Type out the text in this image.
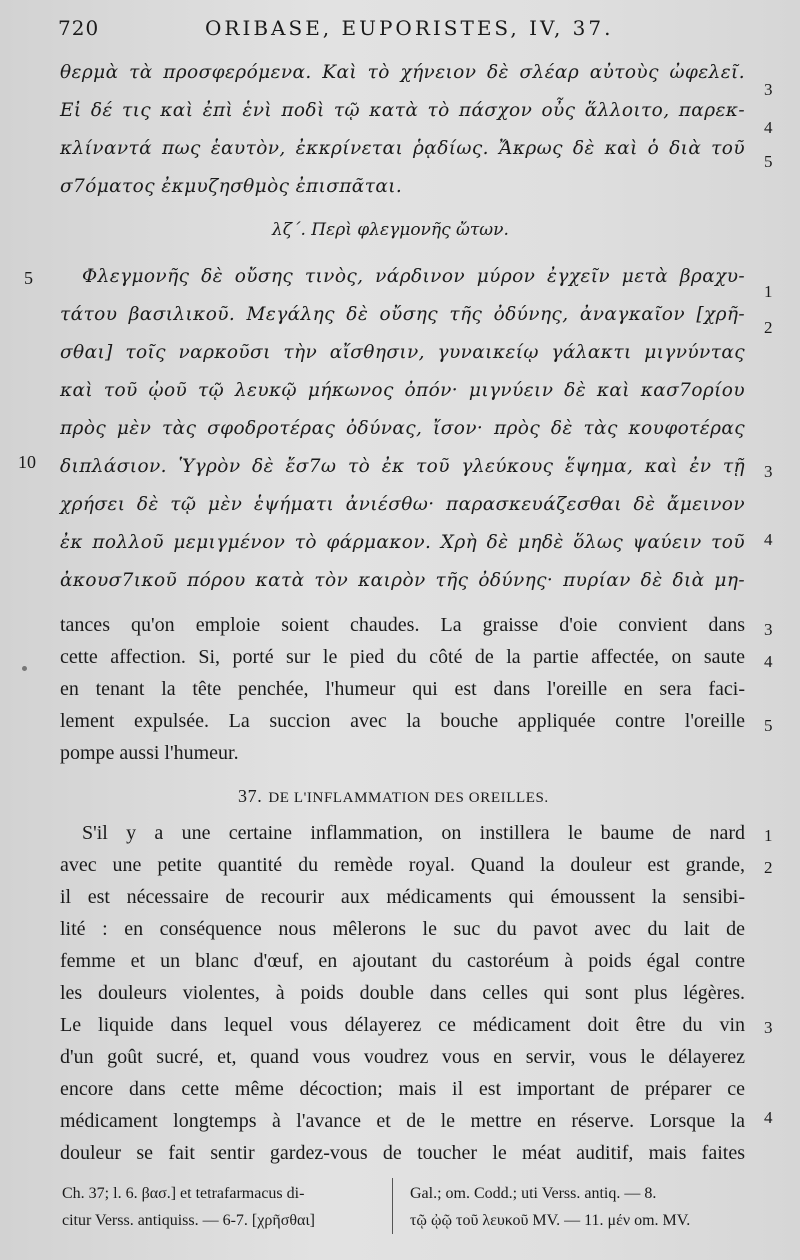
720	ORIBASE, EUPORISTES, IV, 37.
θερμὰ τὰ προσφερόμενα. Καὶ τὸ χήνειον δὲ σλέαρ αὐτοὺς ὠφελεῖ.
Εἰ δέ τις καὶ ἐπὶ ἑνὶ ποδὶ τῷ κατὰ τὸ πάσχον οὖς ἅλλοιτο, παρεκ-
κλίναντά πως ἑαυτὸν, ἐκκρίνεται ῥᾳδίως. Ἄκρως δὲ καὶ ὁ διὰ τοῦ
σ7όματος ἐκμυζησθμὸς ἐπισπᾶται.
3
4
5
λζ΄. Περὶ φλεγμονῆς ὤτων.
Φλεγμονῆς δὲ οὔσης τινὸς, νάρδινον μύρον ἐγχεῖν μετὰ βραχυ-
τάτου βασιλικοῦ. Μεγάλης δὲ οὔσης τῆς ὀδύνης, ἀναγκαῖον [χρῆ-
σθαι] τοῖς ναρκοῦσι τὴν αἴσθησιν, γυναικείῳ γάλακτι μιγνύντας
καὶ τοῦ ᾠοῦ τῷ λευκῷ μήκωνος ὀπόν· μιγνύειν δὲ καὶ κασ7ορίου
πρὸς μὲν τὰς σφοδροτέρας ὀδύνας, ἴσον· πρὸς δὲ τὰς κουφοτέρας
διπλάσιον. Ὑγρὸν δὲ ἔσ7ω τὸ ἐκ τοῦ γλεύκους ἕψημα, καὶ ἐν τῇ
χρήσει δὲ τῷ μὲν ἑψήματι ἀνιέσθω· παρασκευάζεσθαι δὲ ἄμεινον
ἐκ πολλοῦ μεμιγμένον τὸ φάρμακον. Χρὴ δὲ μηδὲ ὅλως ψαύειν τοῦ
ἀκουσ7ικοῦ πόρου κατὰ τὸν καιρὸν τῆς ὀδύνης· πυρίαν δὲ διὰ μη-
5
10
1
2
3
4
tances qu'on emploie soient chaudes. La graisse d'oie convient dans
cette affection. Si, porté sur le pied du côté de la partie affectée, on saute
en tenant la tête penchée, l'humeur qui est dans l'oreille en sera faci-
lement expulsée. La succion avec la bouche appliquée contre l'oreille
pompe aussi l'humeur.
3
4
5
37. DE L'INFLAMMATION DES OREILLES.
S'il y a une certaine inflammation, on instillera le baume de nard
avec une petite quantité du remède royal. Quand la douleur est grande,
il est nécessaire de recourir aux médicaments qui émoussent la sensibi-
lité : en conséquence nous mêlerons le suc du pavot avec du lait de
femme et un blanc d'œuf, en ajoutant du castoréum à poids égal contre
les douleurs violentes, à poids double dans celles qui sont plus légères.
Le liquide dans lequel vous délayerez ce médicament doit être du vin
d'un goût sucré, et, quand vous voudrez vous en servir, vous le délayerez
encore dans cette même décoction; mais il est important de préparer ce
médicament longtemps à l'avance et de le mettre en réserve. Lorsque la
douleur se fait sentir gardez-vous de toucher le méat auditif, mais faites
1
2
3
4
Ch. 37; l. 6. βασ.] et tetrafarmacus di-
citur Verss. antiquiss. — 6-7. [χρῆσθαι]
Gal.; om. Codd.; uti Verss. antiq. — 8.
τῷ ᾠῷ τοῦ λευκοῦ MV. — 11. μέν om. MV.
